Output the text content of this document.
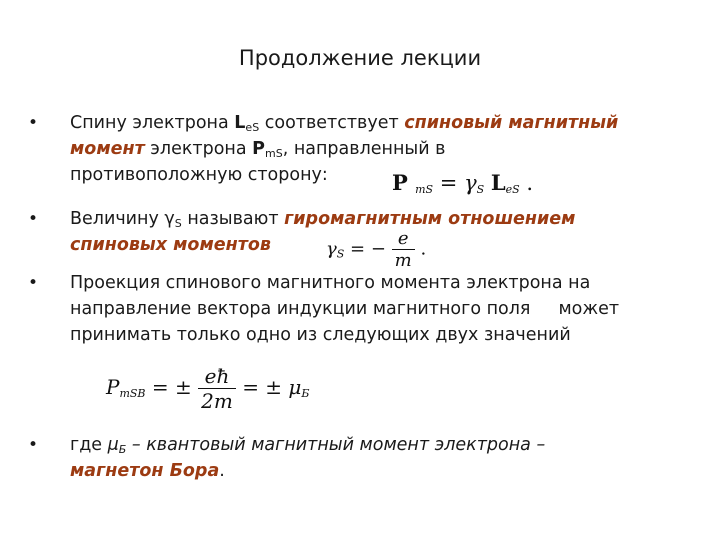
Продолжение лекции
• Спину электрона $L_{eS}$ соответствует спиновый магнитный
момент электрона $P_{mS}$, направленный в
противоположную сторону:	P $_{mS} = \gamma_S$ $L_{eS}$ .
• Величину $\gamma_S$ называют гиромагнитным отношением
спиновых моментов	$\gamma_S$ = − $\frac{e}{m}$ .
• Проекция спинового магнитного момента электрона на
направление вектора индукции магнитного поля может
принимать только одно из следующих двух значений
$P_{mSB}$ = ± $\frac{eħ}{2m}$ = ± $\mu_Б$
• где $\mu_Б$ – квантовый магнитный момент электрона –
магнетон Бора.
